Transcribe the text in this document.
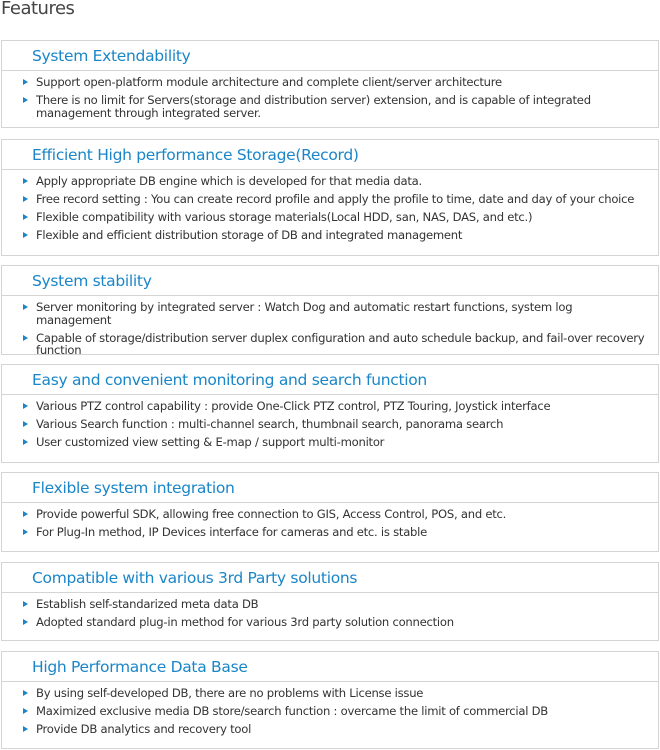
Features
System Extendability
Support open-platform module architecture and complete client/server architecture
There is no limit for Servers(storage and distribution server) extension, and is capable of integrated management through integrated server.
Efficient High performance Storage(Record)
Apply appropriate DB engine which is developed for that media data.
Free record setting : You can create record profile and apply the profile to time, date and day of your choice
Flexible compatibility with various storage materials(Local HDD, san, NAS, DAS, and etc.)
Flexible and efficient distribution storage of DB and integrated management
System stability
Server monitoring by integrated server : Watch Dog and automatic restart functions, system log management
Capable of storage/distribution server duplex configuration and auto schedule backup, and fail-over recovery function
Easy and convenient monitoring and search function
Various PTZ control capability : provide One-Click PTZ control, PTZ Touring, Joystick interface
Various Search function : multi-channel search, thumbnail search, panorama search
User customized view setting & E-map / support multi-monitor
Flexible system integration
Provide powerful SDK, allowing free connection to GIS, Access Control, POS, and etc.
For Plug-In method, IP Devices interface for cameras and etc. is stable
Compatible with various 3rd Party solutions
Establish self-standarized meta data DB
Adopted standard plug-in method for various 3rd party solution connection
High Performance Data Base
By using self-developed DB, there are no problems with License issue
Maximized exclusive media DB store/search function : overcame the limit of commercial DB
Provide DB analytics and recovery tool
